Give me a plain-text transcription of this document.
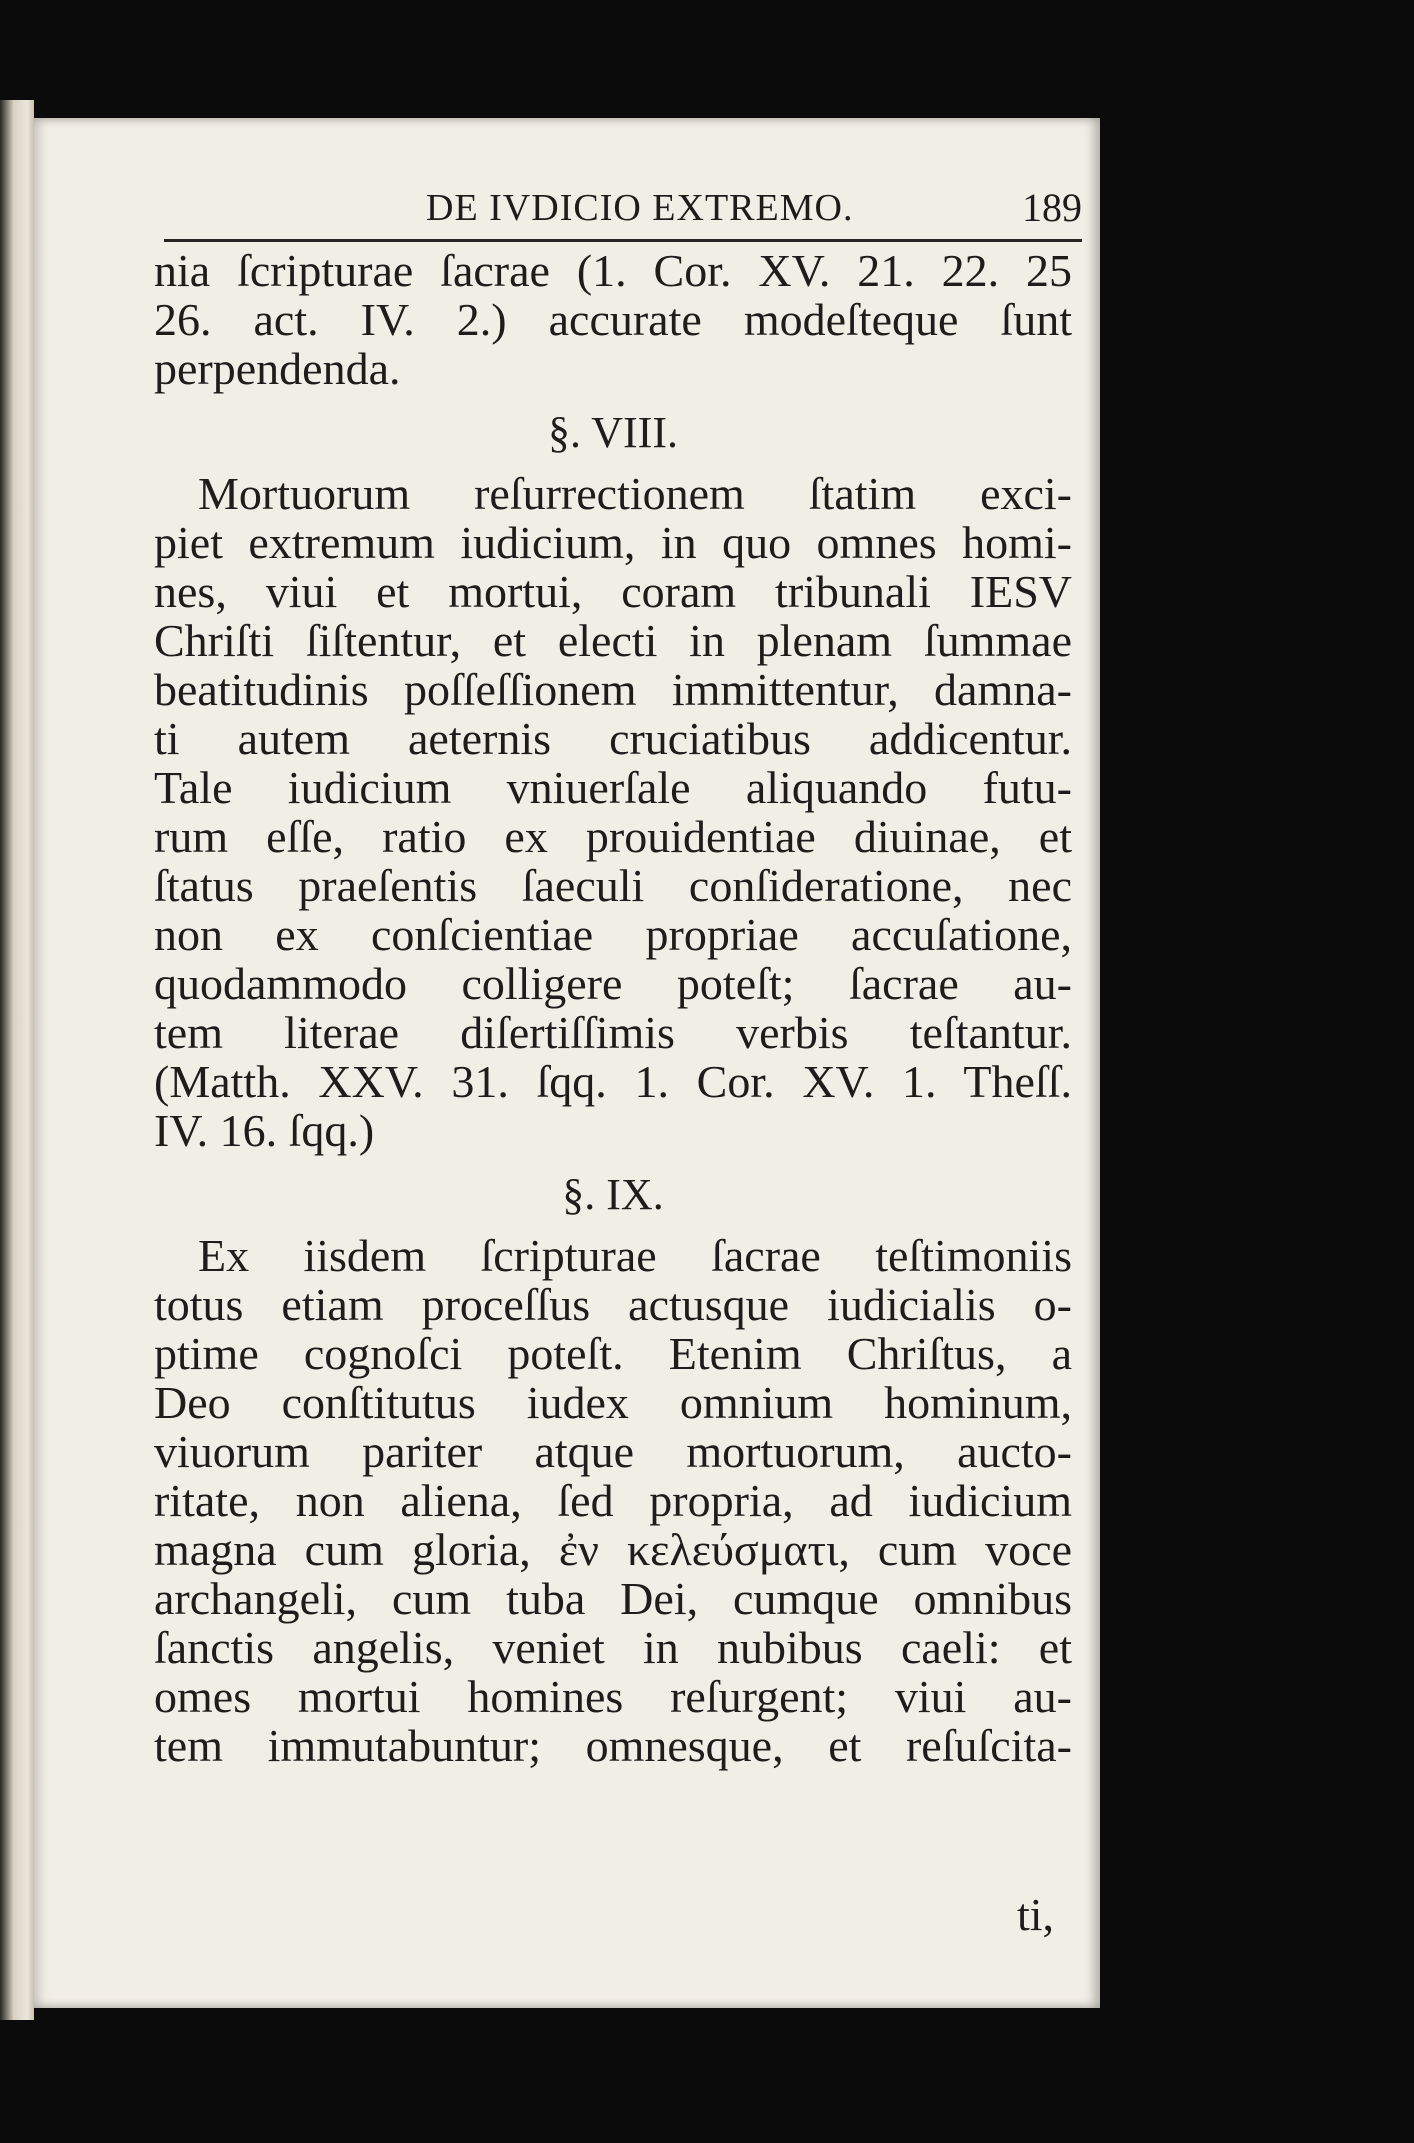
DE IVDICIO EXTREMO.	189
nia ſcripturae ſacrae (1. Cor. XV. 21. 22. 25
26. act. IV. 2.) accurate modeſteque ſunt
perpendenda.
§. VIII.
Mortuorum reſurrectionem ſtatim exci-
piet extremum iudicium, in quo omnes homi-
nes, viui et mortui, coram tribunali IESV
Chriſti ſiſtentur, et electi in plenam ſummae
beatitudinis poſſeſſionem immittentur, damna-
ti autem aeternis cruciatibus addicentur.
Tale iudicium vniuerſale aliquando futu-
rum eſſe, ratio ex prouidentiae diuinae, et
ſtatus praeſentis ſaeculi conſideratione, nec
non ex conſcientiae propriae accuſatione,
quodammodo colligere poteſt; ſacrae au-
tem literae diſertiſſimis verbis teſtantur.
(Matth. XXV. 31. ſqq. 1. Cor. XV. 1. Theſſ.
IV. 16. ſqq.)
§. IX.
Ex iisdem ſcripturae ſacrae teſtimoniis
totus etiam proceſſus actusque iudicialis o-
ptime cognoſci poteſt. Etenim Chriſtus, a
Deo conſtitutus iudex omnium hominum,
viuorum pariter atque mortuorum, aucto-
ritate, non aliena, ſed propria, ad iudicium
magna cum gloria, ἐν κελεύσματι, cum voce
archangeli, cum tuba Dei, cumque omnibus
ſanctis angelis, veniet in nubibus caeli: et
omes mortui homines reſurgent; viui au-
tem immutabuntur; omnesque, et reſuſcita-
ti,
